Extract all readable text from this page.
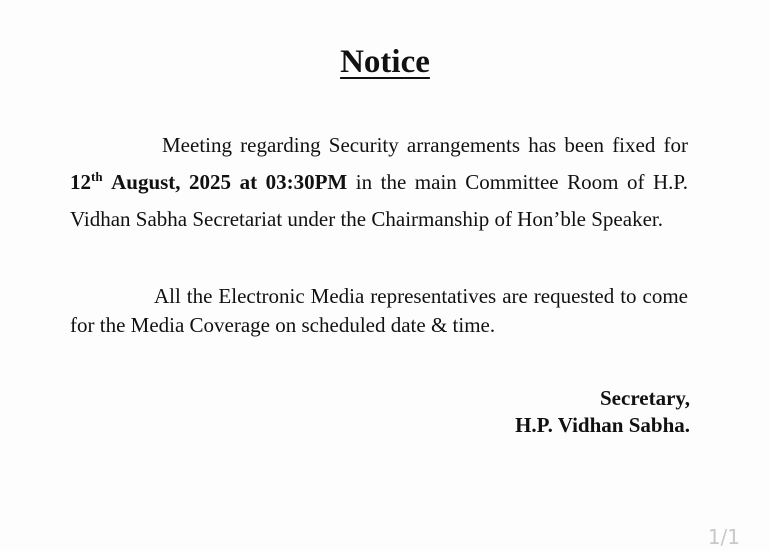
Notice

Meeting regarding Security arrangements has been fixed for 12th August, 2025 at 03:30PM in the main Committee Room of H.P. Vidhan Sabha Secretariat under the Chairmanship of Hon’ble Speaker.

All the Electronic Media representatives are requested to come for the Media Coverage on scheduled date & time.

Secretary,

H.P. Vidhan Sabha.

1/1
